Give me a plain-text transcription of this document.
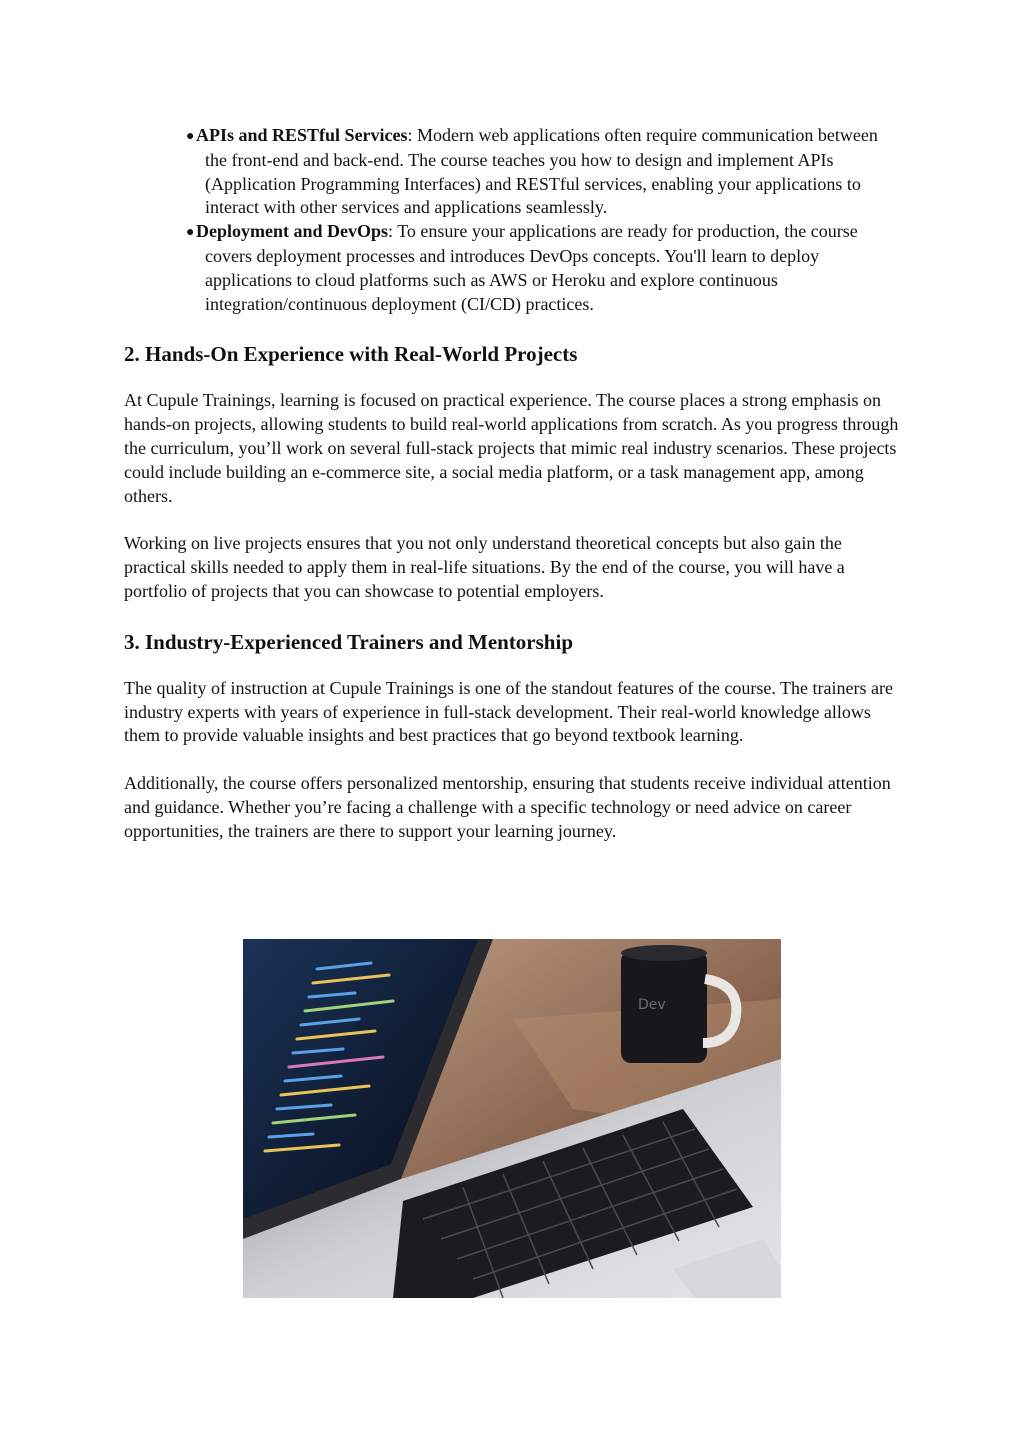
●APIs and RESTful Services: Modern web applications often require communication between the front-end and back-end. The course teaches you how to design and implement APIs (Application Programming Interfaces) and RESTful services, enabling your applications to interact with other services and applications seamlessly.
●Deployment and DevOps: To ensure your applications are ready for production, the course covers deployment processes and introduces DevOps concepts. You'll learn to deploy applications to cloud platforms such as AWS or Heroku and explore continuous integration/continuous deployment (CI/CD) practices.
2. Hands-On Experience with Real-World Projects

At Cupule Trainings, learning is focused on practical experience. The course places a strong emphasis on hands-on projects, allowing students to build real-world applications from scratch. As you progress through the curriculum, you’ll work on several full-stack projects that mimic real industry scenarios. These projects could include building an e-commerce site, a social media platform, or a task management app, among others.

Working on live projects ensures that you not only understand theoretical concepts but also gain the practical skills needed to apply them in real-life situations. By the end of the course, you will have a portfolio of projects that you can showcase to potential employers.

3. Industry-Experienced Trainers and Mentorship

The quality of instruction at Cupule Trainings is one of the standout features of the course. The trainers are industry experts with years of experience in full-stack development. Their real-world knowledge allows them to provide valuable insights and best practices that go beyond textbook learning.

Additionally, the course offers personalized mentorship, ensuring that students receive individual attention and guidance. Whether you’re facing a challenge with a specific technology or need advice on career opportunities, the trainers are there to support your learning journey.

Dev
